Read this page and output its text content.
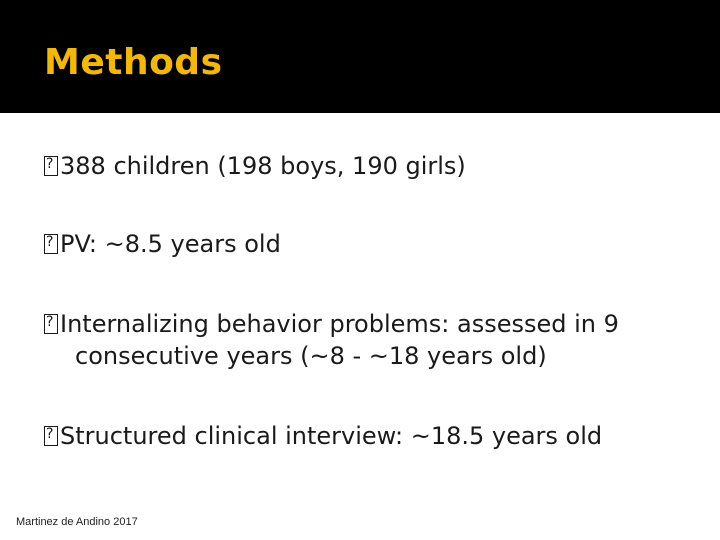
Methods
?388 children (198 boys, 190 girls)
?PV: ~8.5 years old
?Internalizing behavior problems: assessed in 9
consecutive years (~8 - ~18 years old)
?Structured clinical interview: ~18.5 years old
Martinez de Andino 2017
